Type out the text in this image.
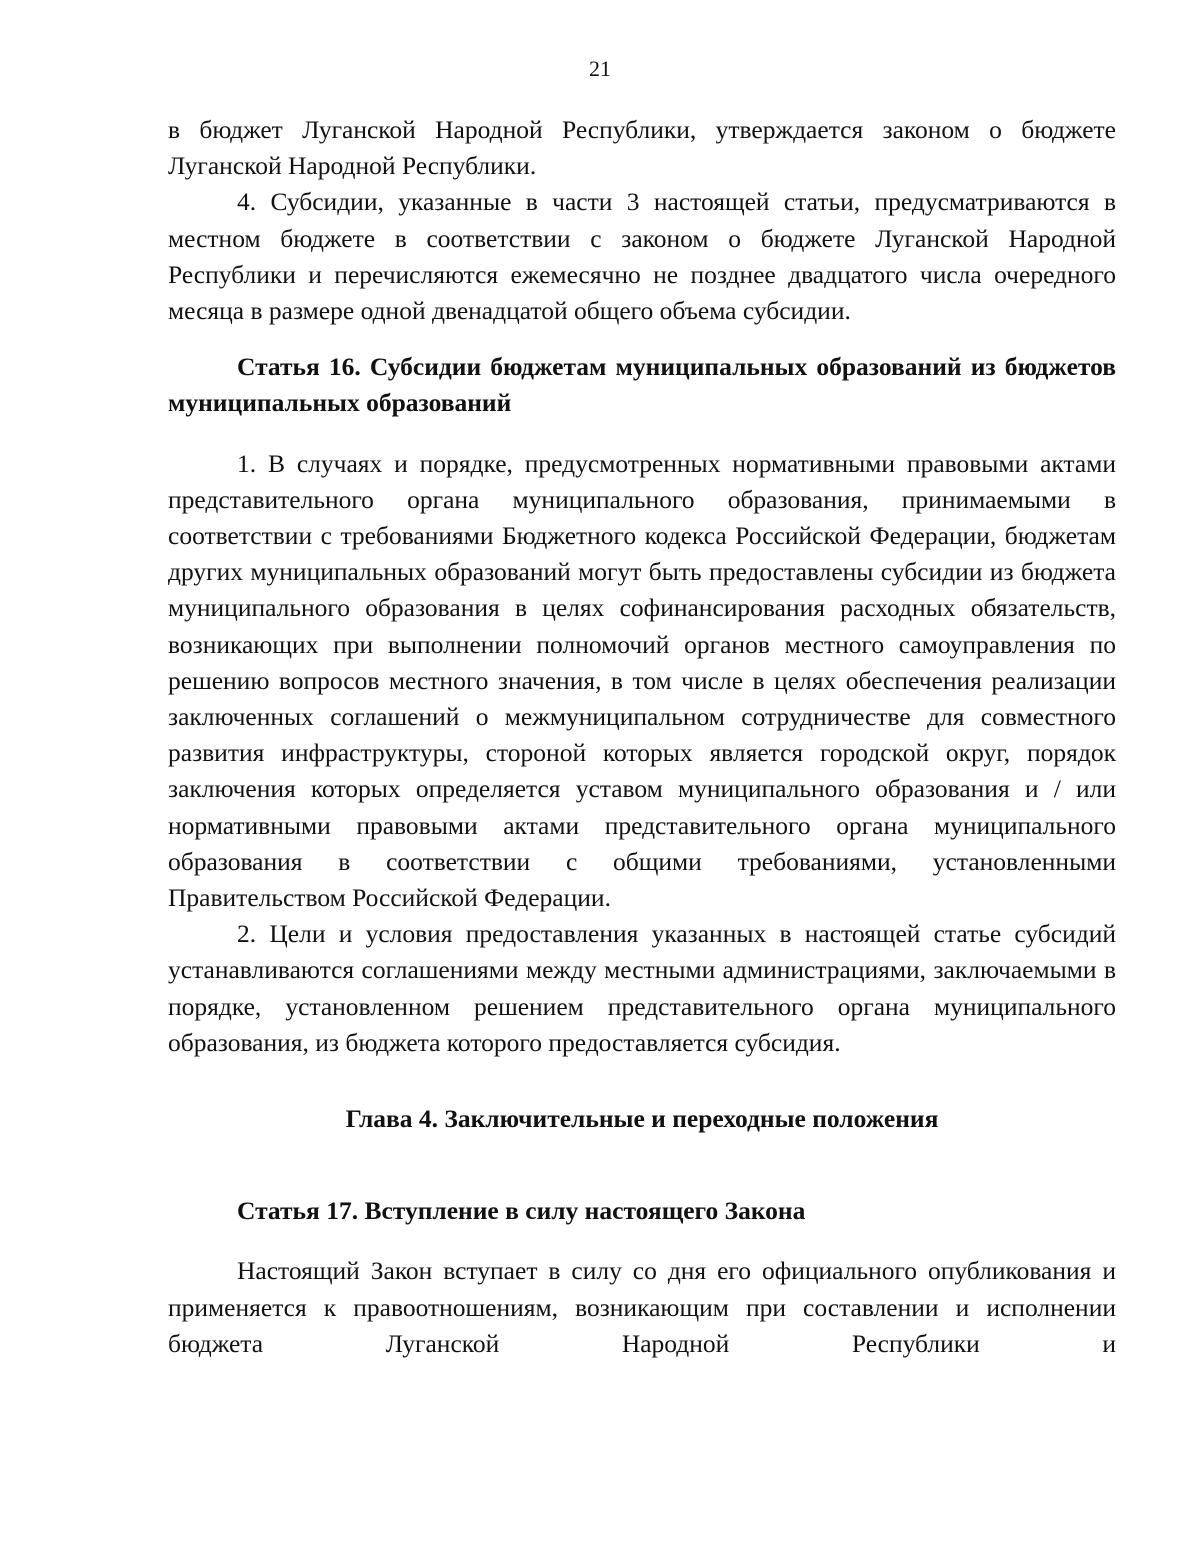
21

в бюджет Луганской Народной Республики, утверждается законом о бюджете Луганской Народной Республики.

4. Субсидии, указанные в части 3 настоящей статьи, предусматриваются в местном бюджете в соответствии с законом о бюджете Луганской Народной Республики и перечисляются ежемесячно не позднее двадцатого числа очередного месяца в размере одной двенадцатой общего объема субсидии.

Статья 16. Субсидии бюджетам муниципальных образований из бюджетов муниципальных образований

1. В случаях и порядке, предусмотренных нормативными правовыми актами представительного органа муниципального образования, принимаемыми в соответствии с требованиями Бюджетного кодекса Российской Федерации, бюджетам других муниципальных образований могут быть предоставлены субсидии из бюджета муниципального образования в целях софинансирования расходных обязательств, возникающих при выполнении полномочий органов местного самоуправления по решению вопросов местного значения, в том числе в целях обеспечения реализации заключенных соглашений о межмуниципальном сотрудничестве для совместного развития инфраструктуры, стороной которых является городской округ, порядок заключения которых определяется уставом муниципального образования и / или нормативными правовыми актами представительного органа муниципального образования в соответствии с общими требованиями, установленными Правительством Российской Федерации.

2. Цели и условия предоставления указанных в настоящей статье субсидий устанавливаются соглашениями между местными администрациями, заключаемыми в порядке, установленном решением представительного органа муниципального образования, из бюджета которого предоставляется субсидия.

Глава 4. Заключительные и переходные положения

Статья 17. Вступление в силу настоящего Закона

Настоящий Закон вступает в силу со дня его официального опубликования и применяется к правоотношениям, возникающим при составлении и исполнении бюджета Луганской Народной Республики и
